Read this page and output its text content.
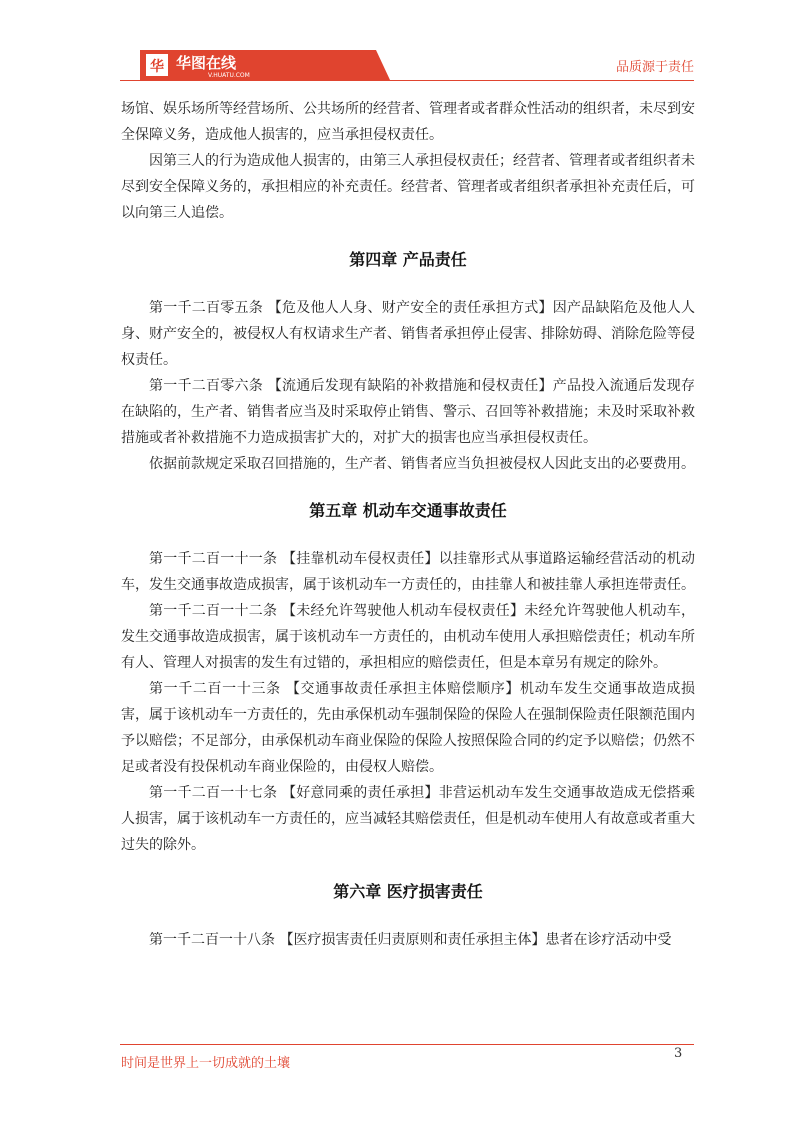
华 华图在线
V.HUATU.COM
品质源于责任

场馆、娱乐场所等经营场所、公共场所的经营者、管理者或者群众性活动的组织者，未尽到安全保障义务，造成他人损害的，应当承担侵权责任。

因第三人的行为造成他人损害的，由第三人承担侵权责任；经营者、管理者或者组织者未尽到安全保障义务的，承担相应的补充责任。经营者、管理者或者组织者承担补充责任后，可以向第三人追偿。

第四章 产品责任

第一千二百零五条 【危及他人人身、财产安全的责任承担方式】因产品缺陷危及他人人身、财产安全的，被侵权人有权请求生产者、销售者承担停止侵害、排除妨碍、消除危险等侵权责任。

第一千二百零六条 【流通后发现有缺陷的补救措施和侵权责任】产品投入流通后发现存在缺陷的，生产者、销售者应当及时采取停止销售、警示、召回等补救措施；未及时采取补救措施或者补救措施不力造成损害扩大的，对扩大的损害也应当承担侵权责任。

依据前款规定采取召回措施的，生产者、销售者应当负担被侵权人因此支出的必要费用。

第五章 机动车交通事故责任

第一千二百一十一条 【挂靠机动车侵权责任】以挂靠形式从事道路运输经营活动的机动车，发生交通事故造成损害，属于该机动车一方责任的，由挂靠人和被挂靠人承担连带责任。

第一千二百一十二条 【未经允许驾驶他人机动车侵权责任】未经允许驾驶他人机动车，发生交通事故造成损害，属于该机动车一方责任的，由机动车使用人承担赔偿责任；机动车所有人、管理人对损害的发生有过错的，承担相应的赔偿责任，但是本章另有规定的除外。

第一千二百一十三条 【交通事故责任承担主体赔偿顺序】机动车发生交通事故造成损害，属于该机动车一方责任的，先由承保机动车强制保险的保险人在强制保险责任限额范围内予以赔偿；不足部分，由承保机动车商业保险的保险人按照保险合同的约定予以赔偿；仍然不足或者没有投保机动车商业保险的，由侵权人赔偿。

第一千二百一十七条 【好意同乘的责任承担】非营运机动车发生交通事故造成无偿搭乘人损害，属于该机动车一方责任的，应当减轻其赔偿责任，但是机动车使用人有故意或者重大过失的除外。

第六章 医疗损害责任

第一千二百一十八条 【医疗损害责任归责原则和责任承担主体】患者在诊疗活动中受

时间是世界上一切成就的土壤
3
